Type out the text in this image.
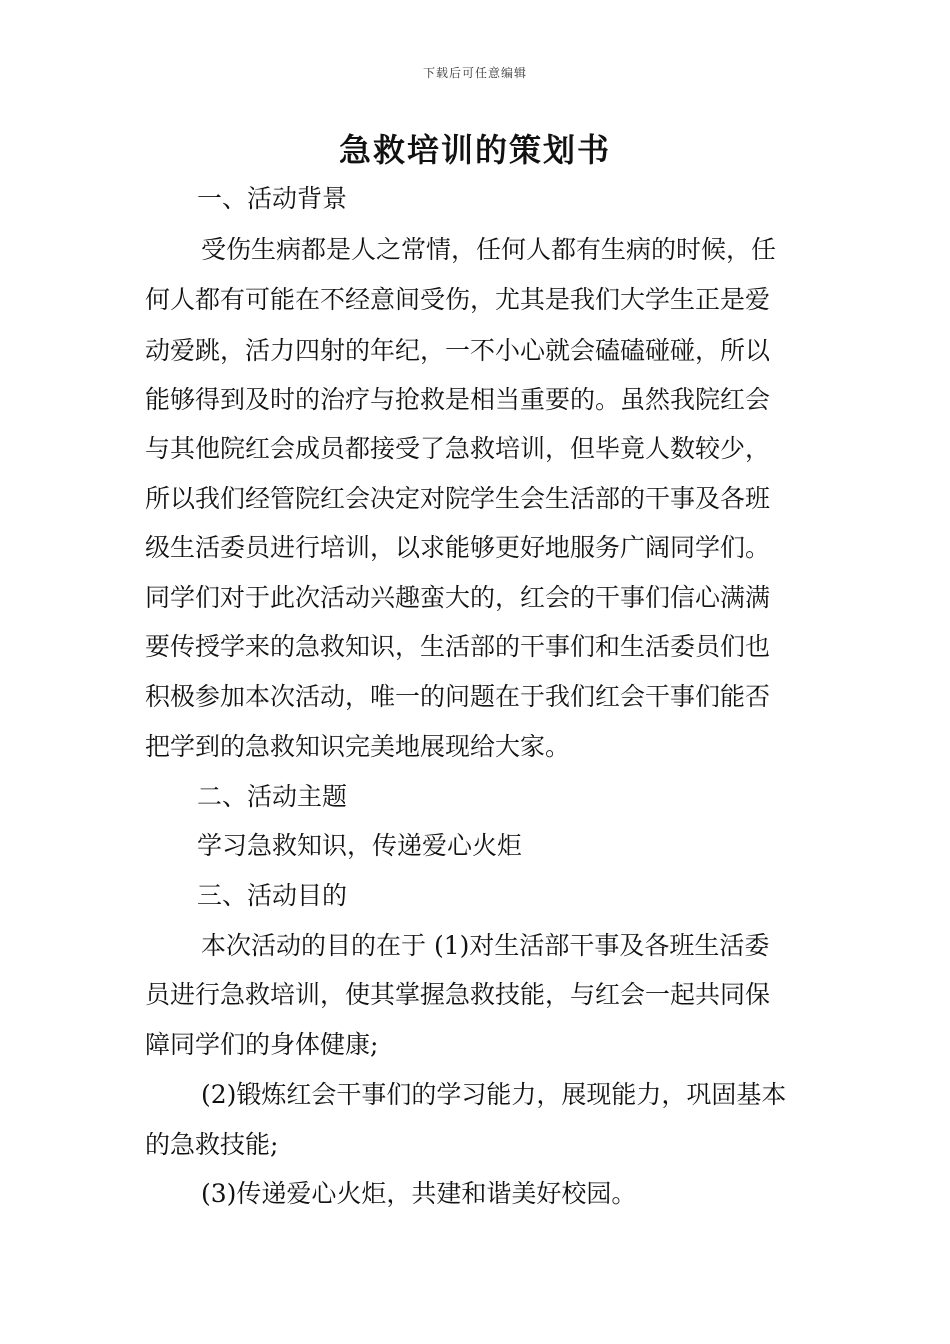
下载后可任意编辑
急救培训的策划书

一、活动背景

受伤生病都是人之常情，任何人都有生病的时候，任

何人都有可能在不经意间受伤，尤其是我们大学生正是爱

动爱跳，活力四射的年纪，一不小心就会磕磕碰碰，所以

能够得到及时的治疗与抢救是相当重要的。虽然我院红会

与其他院红会成员都接受了急救培训，但毕竟人数较少，

所以我们经管院红会决定对院学生会生活部的干事及各班

级生活委员进行培训，以求能够更好地服务广阔同学们。

同学们对于此次活动兴趣蛮大的，红会的干事们信心满满

要传授学来的急救知识，生活部的干事们和生活委员们也

积极参加本次活动，唯一的问题在于我们红会干事们能否

把学到的急救知识完美地展现给大家。

二、活动主题

学习急救知识，传递爱心火炬

三、活动目的

本次活动的目的在于 (1)对生活部干事及各班生活委

员进行急救培训，使其掌握急救技能，与红会一起共同保

障同学们的身体健康;

(2)锻炼红会干事们的学习能力，展现能力，巩固基本

的急救技能;

(3)传递爱心火炬，共建和谐美好校园。
